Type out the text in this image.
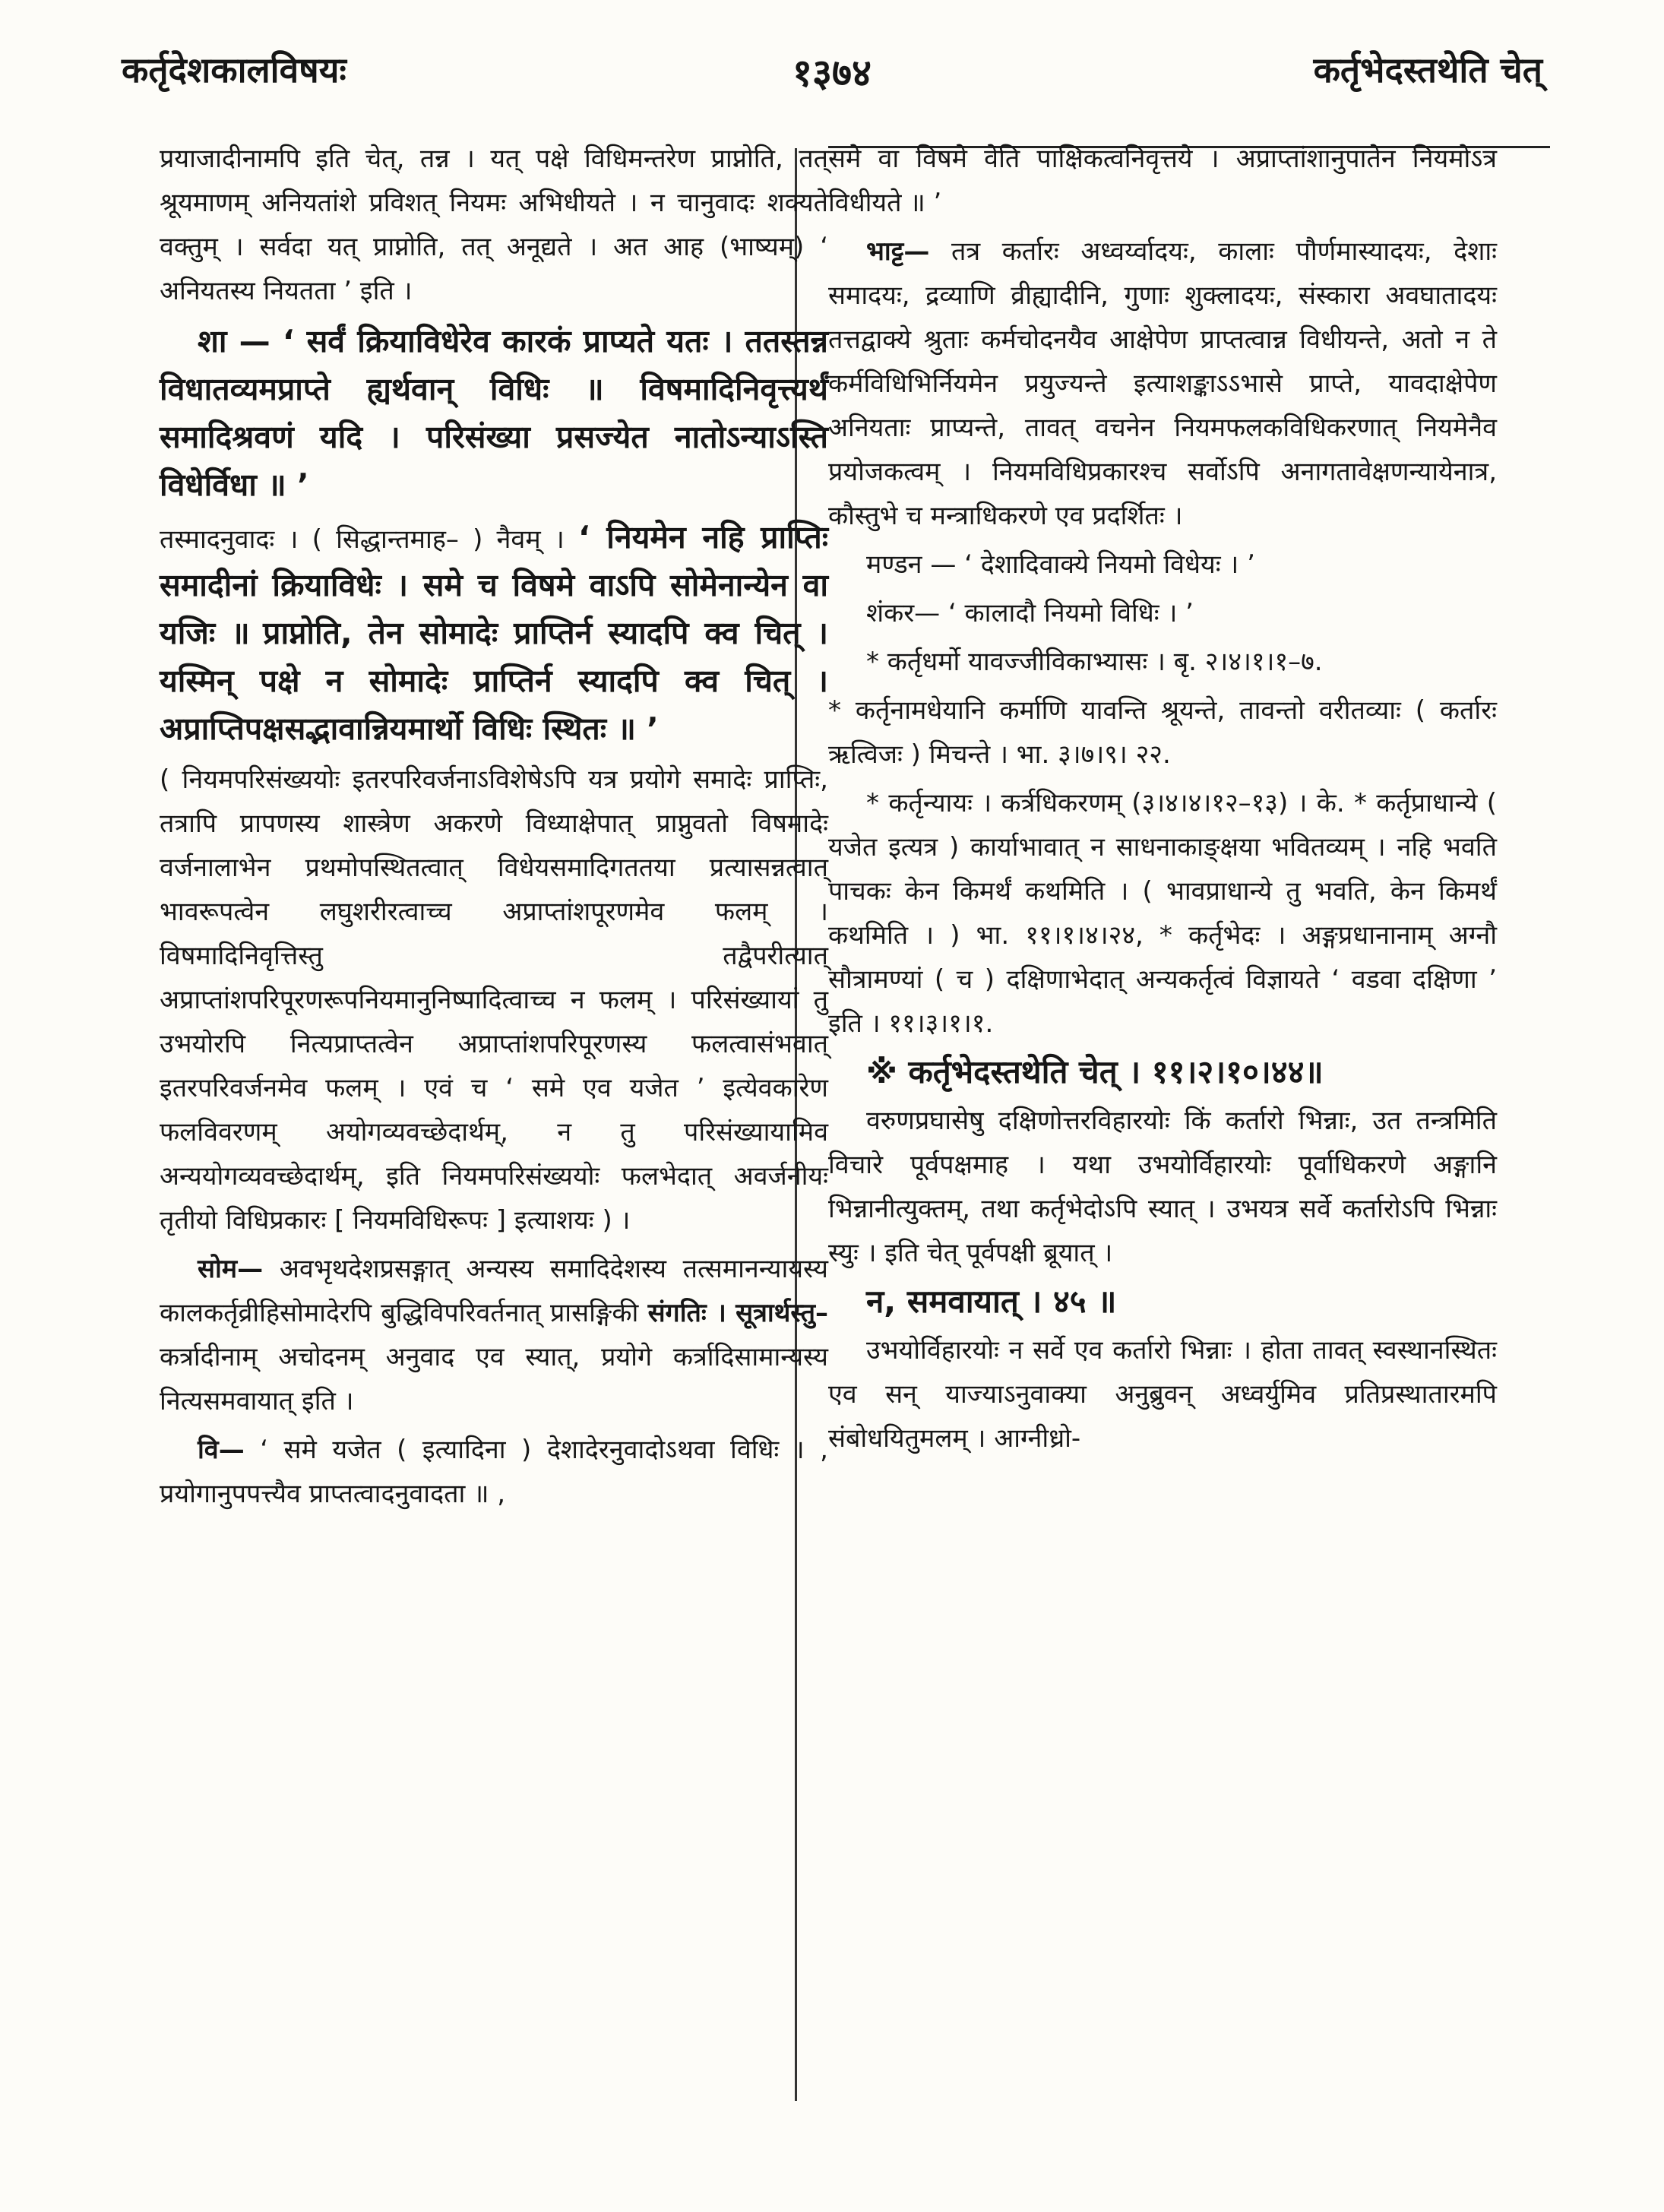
कर्तृदेशकालविषयः	१३७४	कर्तृभेदस्तथेति चेत्

प्रयाजादीनामपि इति चेत्, तन्न । यत् पक्षे विधिमन्तरेण प्राप्नोति, तत् श्रूयमाणम् अनियतांशे प्रविशत् नियमः अभिधीयते । न चानुवादः शक्यते वक्तुम् । सर्वदा यत् प्राप्नोति, तत् अनूद्यते । अत आह (भाष्यम्) ‘ अनियतस्य नियतता ’ इति ।

शा — ‘ सर्वं क्रियाविधेरेव कारकं प्राप्यते यतः । ततस्तन्न विधातव्यमप्राप्ते ह्यर्थवान् विधिः ॥ विषमादिनिवृत्त्यर्थं समादिश्रवणं यदि । परिसंख्या प्रसज्येत नातोऽन्याऽस्ति विधेर्विधा ॥ ’

तस्मादनुवादः । ( सिद्धान्तमाह– ) नैवम् । ‘ नियमेन नहि प्राप्तिः समादीनां क्रियाविधेः । समे च विषमे वाऽपि सोमेनान्येन वा यजिः ॥ प्राप्नोति, तेन सोमादेः प्राप्तिर्न स्यादपि क्व चित् । यस्मिन् पक्षे न सोमादेः प्राप्तिर्न स्यादपि क्व चित् । अप्राप्तिपक्षसद्भावान्नियमार्थो विधिः स्थितः ॥ ’

( नियमपरिसंख्ययोः इतरपरिवर्जनाऽविशेषेऽपि यत्र प्रयोगे समादेः प्राप्तिः, तत्रापि प्रापणस्य शास्त्रेण अकरणे विध्याक्षेपात् प्राप्नुवतो विषमादेः वर्जनालाभेन प्रथमोपस्थितत्वात् विधेयसमादिगततया प्रत्यासन्नत्वात् भावरूपत्वेन लघुशरीरत्वाच्च अप्राप्तांशपूरणमेव फलम् । विषमादिनिवृत्तिस्तु तद्वैपरीत्यात् अप्राप्तांशपरिपूरणरूपनियमानुनिष्पादित्वाच्च न फलम् । परिसंख्यायां तु उभयोरपि नित्यप्राप्तत्वेन अप्राप्तांशपरिपूरणस्य फलत्वासंभवात् इतरपरिवर्जनमेव फलम् । एवं च ‘ समे एव यजेत ’ इत्येवकारेण फलविवरणम् अयोगव्यवच्छेदार्थम्, न तु परिसंख्यायामिव अन्ययोगव्यवच्छेदार्थम्, इति नियमपरिसंख्ययोः फलभेदात् अवर्जनीयः तृतीयो विधिप्रकारः [ नियमविधिरूपः ] इत्याशयः ) ।

सोम— अवभृथदेशप्रसङ्गात् अन्यस्य समादिदेशस्य तत्समानन्यायस्य कालकर्तृव्रीहिसोमादेरपि बुद्धिविपरिवर्तनात् प्रासङ्गिकी संगतिः । सूत्रार्थस्तु– कर्त्रादीनाम् अचोदनम् अनुवाद एव स्यात्, प्रयोगे कर्त्रादिसामान्यस्य नित्यसमवायात् इति ।

वि— ‘ समे यजेत ( इत्यादिना ) देशादेरनुवादोऽथवा विधिः । , प्रयोगानुपपत्त्यैव प्राप्तत्वादनुवादता ॥ ,

समे वा विषमे वेति पाक्षिकत्वनिवृत्तये । अप्राप्तांशानुपातेन नियमोऽत्र विधीयते ॥ ’

भाट्ट— तत्र कर्तारः अध्वर्य्वादयः, कालाः पौर्णमास्यादयः, देशाः समादयः, द्रव्याणि व्रीह्यादीनि, गुणाः शुक्लादयः, संस्कारा अवघातादयः तत्तद्वाक्ये श्रुताः कर्मचोदनयैव आक्षेपेण प्राप्तत्वान्न विधीयन्ते, अतो न ते कर्मविधिभिर्नियमेन प्रयुज्यन्ते इत्याशङ्काऽऽभासे प्राप्ते, यावदाक्षेपेण अनियताः प्राप्यन्ते, तावत् वचनेन नियमफलकविधिकरणात् नियमेनैव प्रयोजकत्वम् । नियमविधिप्रकारश्च सर्वोऽपि अनागतावेक्षणन्यायेनात्र, कौस्तुभे च मन्त्राधिकरणे एव प्रदर्शितः ।

मण्डन — ‘ देशादिवाक्ये नियमो विधेयः । ’

शंकर— ‘ कालादौ नियमो विधिः । ’

* कर्तृधर्मो यावज्जीविकाभ्यासः । बृ. २।४।१।१–७.

* कर्तृनामधेयानि कर्माणि यावन्ति श्रूयन्ते, तावन्तो वरीतव्याः ( कर्तारः ऋत्विजः ) मिचन्ते । भा. ३।७।९। २२.

* कर्तृन्यायः । कर्त्रधिकरणम् (३।४।४।१२–१३) । के. * कर्तृप्राधान्ये ( यजेत इत्यत्र ) कार्याभावात् न साधनाकाङ्क्षया भवितव्यम् । नहि भवति पाचकः केन किमर्थं कथमिति । ( भावप्राधान्ये तु भवति, केन किमर्थं कथमिति । ) भा. ११।१।४।२४, * कर्तृभेदः । अङ्गप्रधानानाम् अग्नौ सौत्रामण्यां ( च ) दक्षिणाभेदात् अन्यकर्तृत्वं विज्ञायते ‘ वडवा दक्षिणा ’ इति । ११।३।१।१.

※ कर्तृभेदस्तथेति चेत् । ११।२।१०।४४॥

वरुणप्रघासेषु दक्षिणोत्तरविहारयोः किं कर्तारो भिन्नाः, उत तन्त्रमिति विचारे पूर्वपक्षमाह । यथा उभयोर्विहारयोः पूर्वाधिकरणे अङ्गानि भिन्नानीत्युक्तम्, तथा कर्तृभेदोऽपि स्यात् । उभयत्र सर्वे कर्तारोऽपि भिन्नाः स्युः । इति चेत् पूर्वपक्षी ब्रूयात् ।

न, समवायात् । ४५ ॥

उभयोर्विहारयोः न सर्वे एव कर्तारो भिन्नाः । होता तावत् स्वस्थानस्थितः एव सन् याज्याऽनुवाक्या अनुब्रुवन् अध्वर्युमिव प्रतिप्रस्थातारमपि संबोधयितुमलम् । आग्नीध्रो-
